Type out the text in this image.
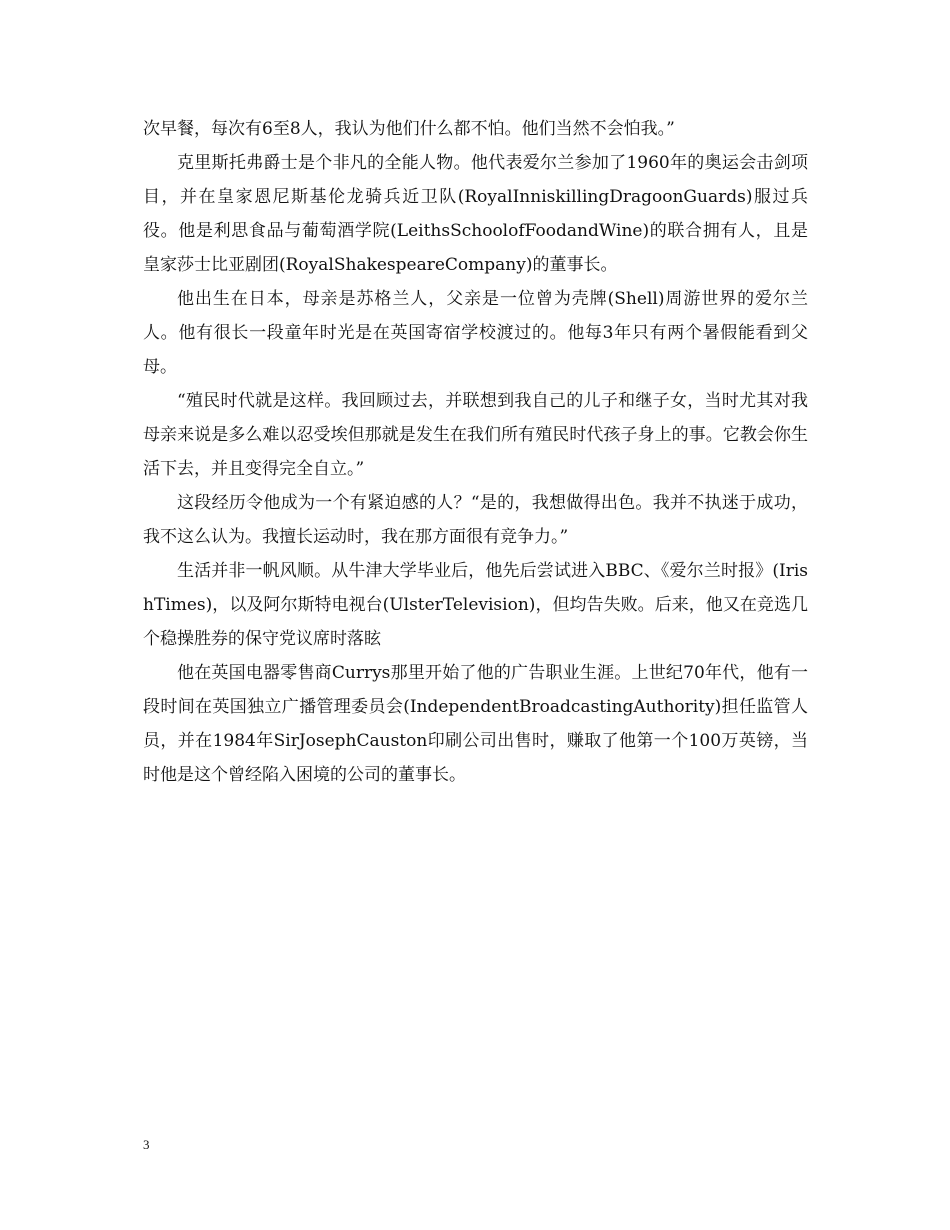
次早餐，每次有6至8人，我认为他们什么都不怕。他们当然不会怕我。”

克里斯托弗爵士是个非凡的全能人物。他代表爱尔兰参加了1960年的奥运会击剑项目，并在皇家恩尼斯基伦龙骑兵近卫队(RoyalInniskillingDragoonGuards)服过兵役。他是利思食品与葡萄酒学院(LeithsSchoolofFoodandWine)的联合拥有人，且是皇家莎士比亚剧团(RoyalShakespeareCompany)的董事长。

他出生在日本，母亲是苏格兰人，父亲是一位曾为壳牌(Shell)周游世界的爱尔兰人。他有很长一段童年时光是在英国寄宿学校渡过的。他每3年只有两个暑假能看到父母。

“殖民时代就是这样。我回顾过去，并联想到我自己的儿子和继子女，当时尤其对我母亲来说是多么难以忍受埃但那就是发生在我们所有殖民时代孩子身上的事。它教会你生活下去，并且变得完全自立。”

这段经历令他成为一个有紧迫感的人？“是的，我想做得出色。我并不执迷于成功，我不这么认为。我擅长运动时，我在那方面很有竞争力。”

生活并非一帆风顺。从牛津大学毕业后，他先后尝试进入BBC、《爱尔兰时报》(IrishTimes)，以及阿尔斯特电视台(UlsterTelevision)，但均告失败。后来，他又在竞选几个稳操胜券的保守党议席时落眩

他在英国电器零售商Currys那里开始了他的广告职业生涯。上世纪70年代，他有一段时间在英国独立广播管理委员会(IndependentBroadcastingAuthority)担任监管人员，并在1984年SirJosephCauston印刷公司出售时，赚取了他第一个100万英镑，当时他是这个曾经陷入困境的公司的董事长。

3
